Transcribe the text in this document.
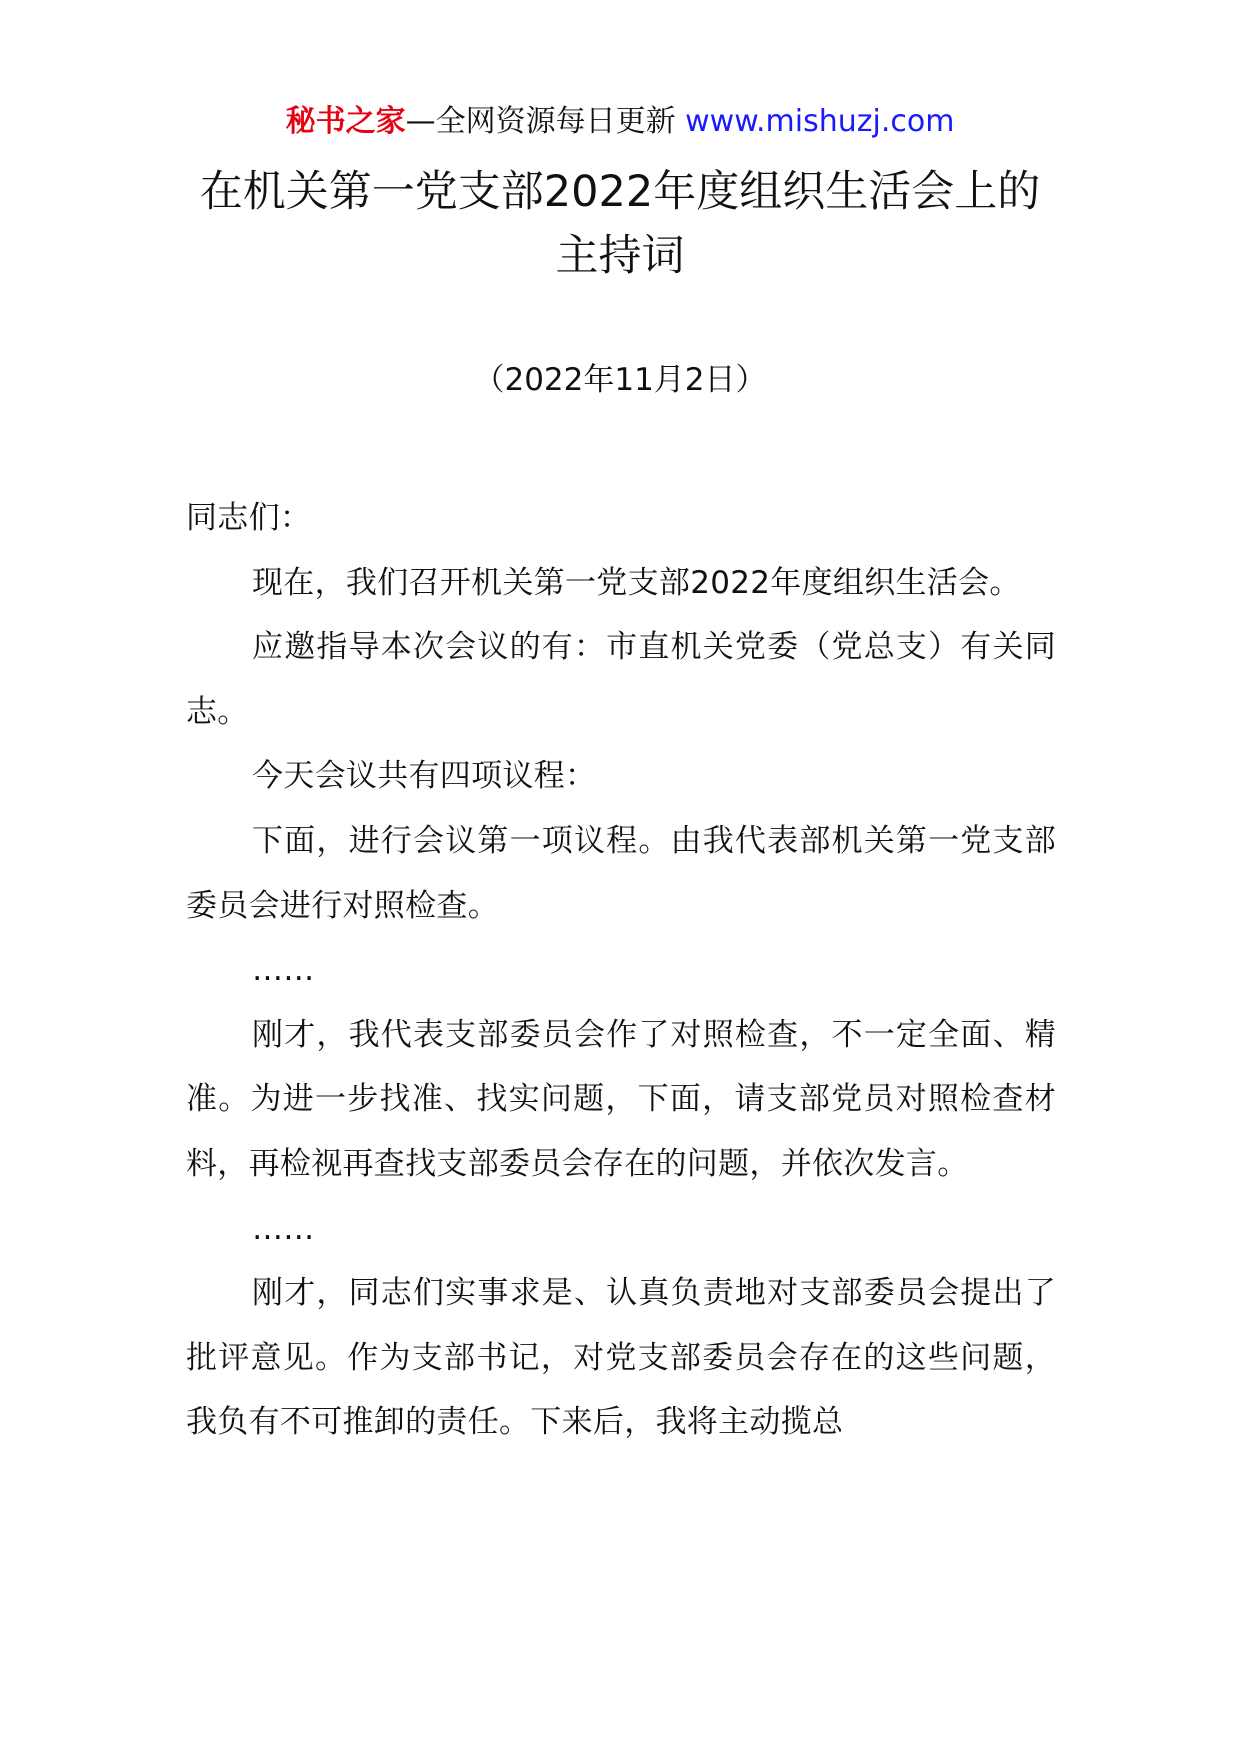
秘书之家—全网资源每日更新 www.mishuzj.com
在机关第一党支部2022年度组织生活会上的主持词
（2022年11月2日）

同志们：

现在，我们召开机关第一党支部2022年度组织生活会。

应邀指导本次会议的有：市直机关党委（党总支）有关同志。

今天会议共有四项议程：

下面，进行会议第一项议程。由我代表部机关第一党支部委员会进行对照检查。

……

刚才，我代表支部委员会作了对照检查，不一定全面、精准。为进一步找准、找实问题，下面，请支部党员对照检查材料，再检视再查找支部委员会存在的问题，并依次发言。

……

刚才，同志们实事求是、认真负责地对支部委员会提出了批评意见。作为支部书记，对党支部委员会存在的这些问题，我负有不可推卸的责任。下来后，我将主动揽总
